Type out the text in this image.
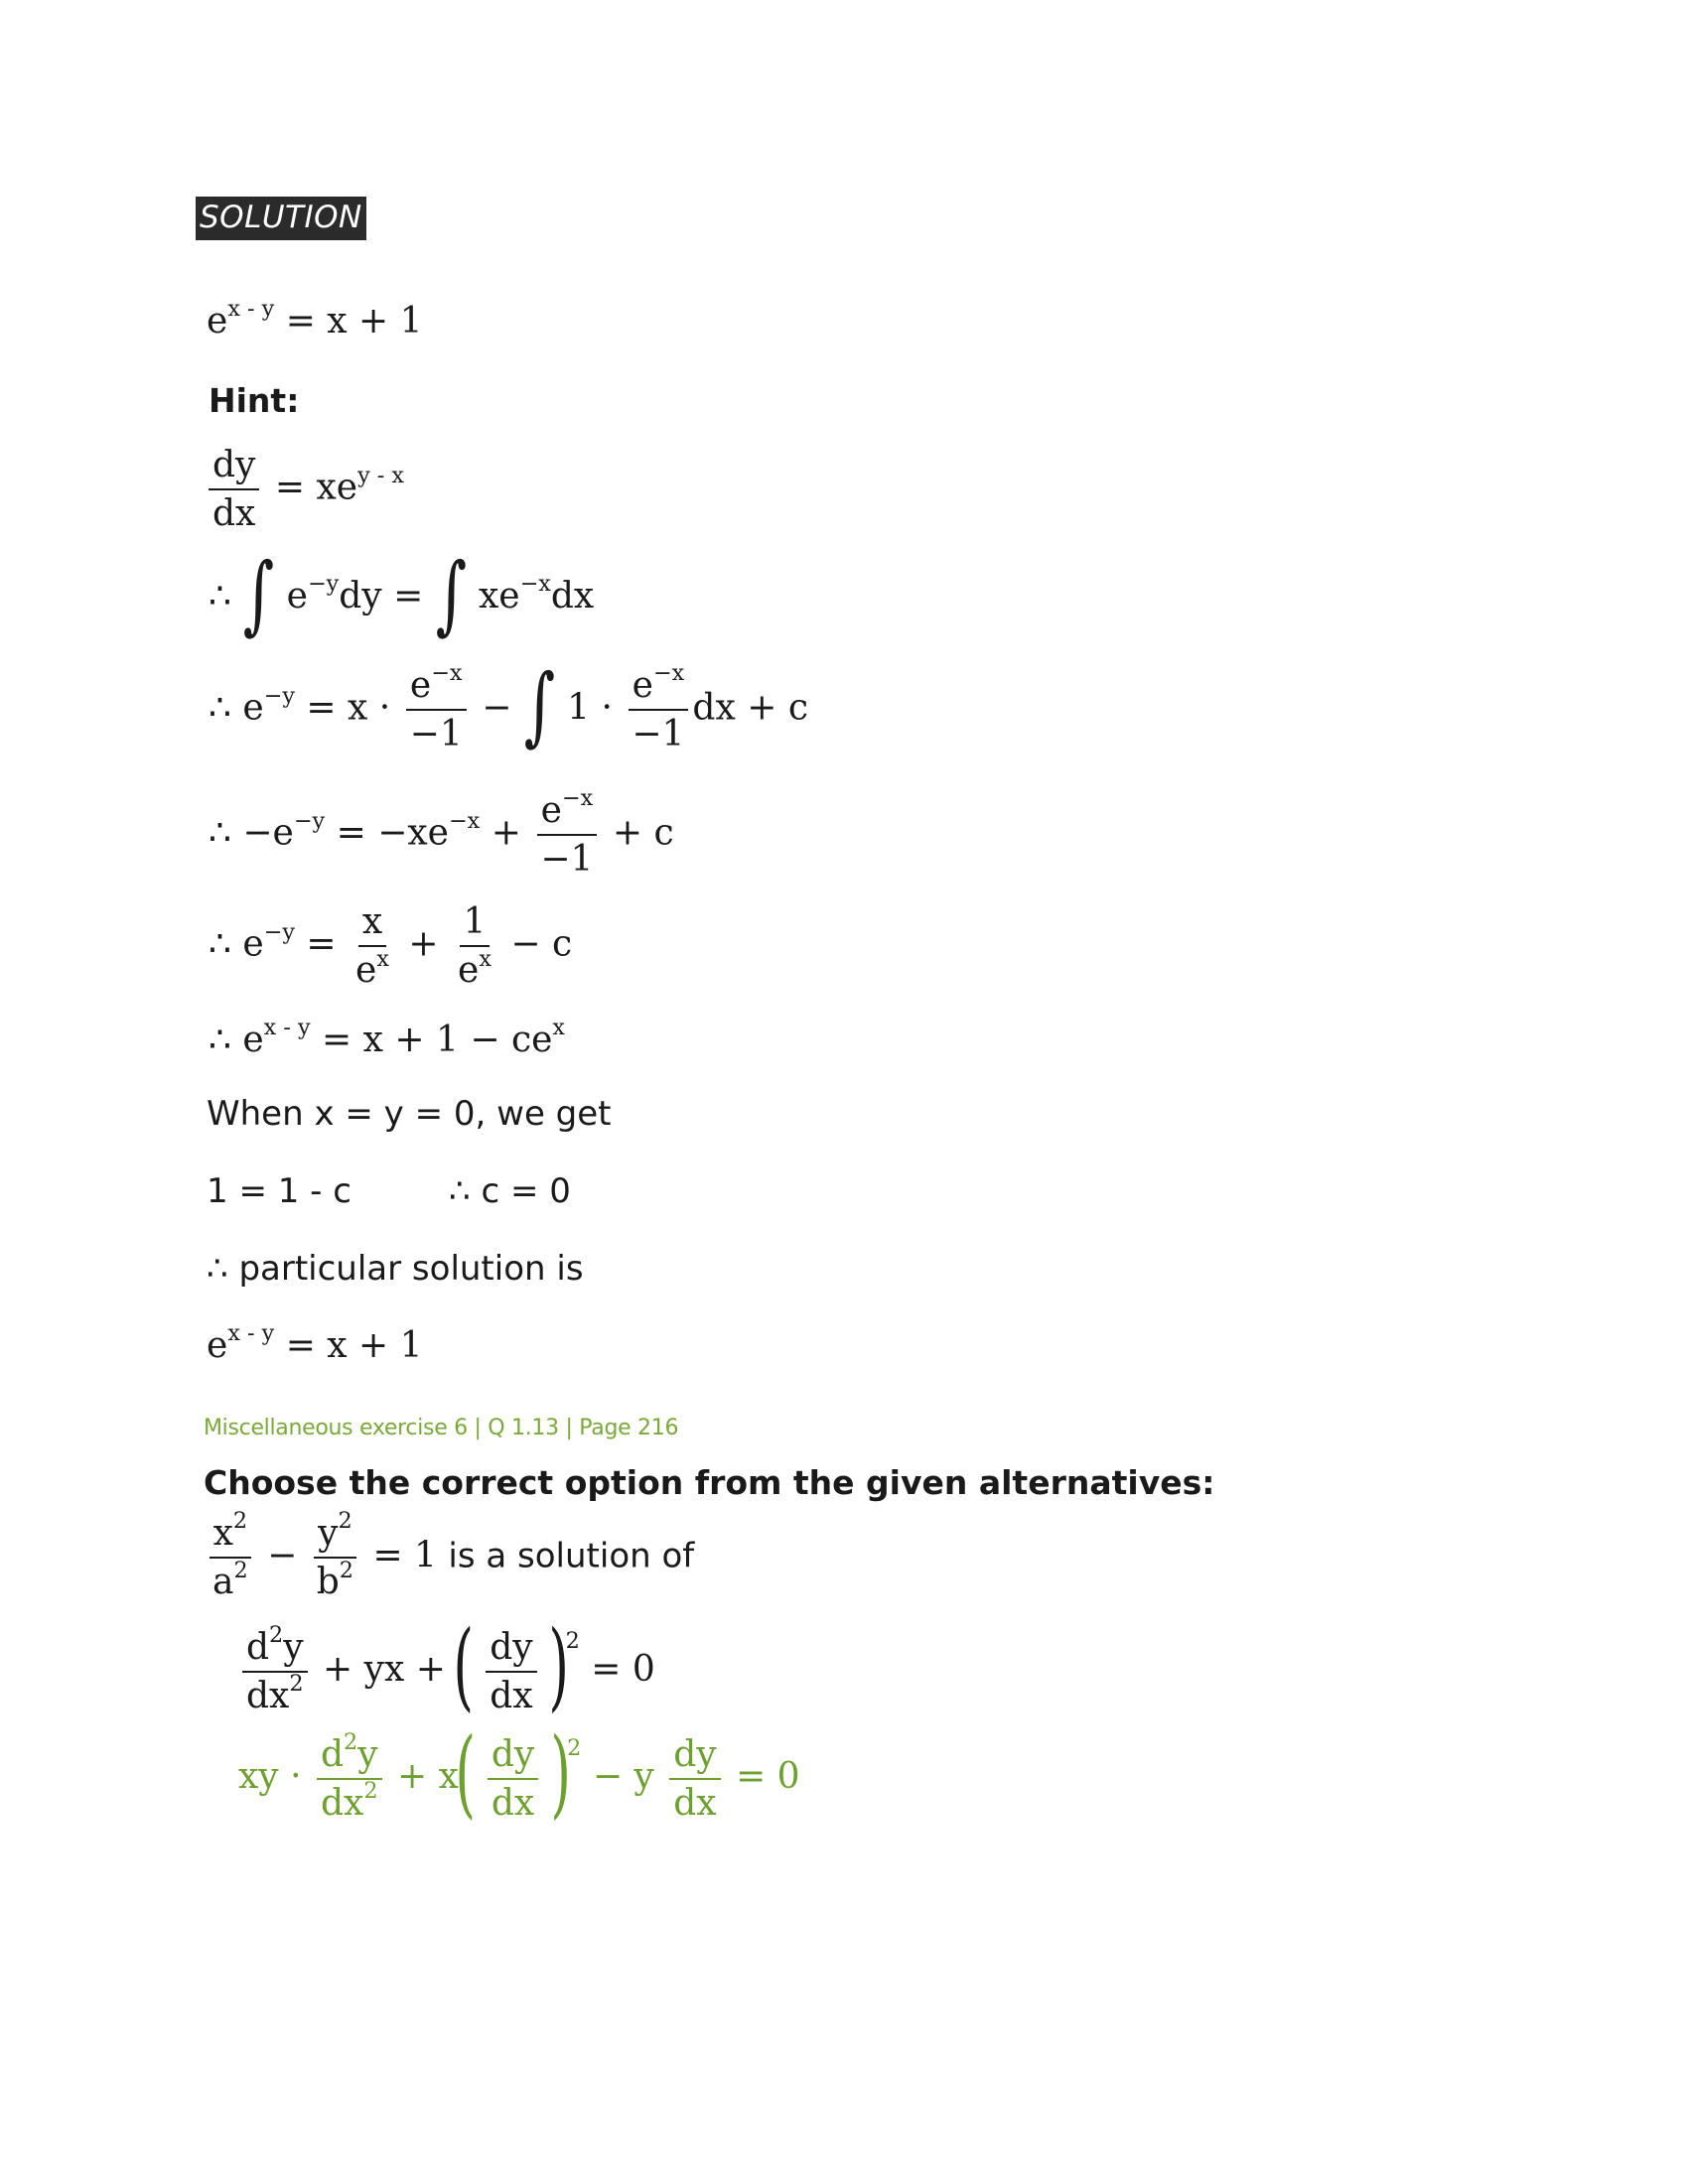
SOLUTION
$e^{x - y} = x + 1$
Hint:
$\frac{dy}{dx} = xe^{y - x}$
∴ ∫ $e^{-y}dy$ = ∫ $xe^{-x}dx$
∴ $e^{-y} = x \cdot \frac{e^{-x}}{-1}$ − ∫ $1 \cdot \frac{e^{-x}}{-1}$ dx + c
∴ $-e^{-y} = -xe^{-x} + \frac{e^{-x}}{-1} + c$
∴ $e^{-y} = \frac{x}{e^x} + \frac{1}{e^x} - c$
∴ $e^{x - y} = x + 1 - ce^x$
When x = y = 0, we get
1 = 1 - c	∴ c = 0
∴ particular solution is
$e^{x - y} = x + 1$
Miscellaneous exercise 6 | Q 1.13 | Page 216
Choose the correct option from the given alternatives:
$\frac{x^2}{a^2} - \frac{y^2}{b^2} = 1$ is a solution of
$\frac{d^2y}{dx^2}$ + yx + ( $\frac{dy}{dx} )^2 = 0$
xy · $\frac{d^2y}{dx^2} + x( \frac{dy}{dx} )^2 - y \frac{dy}{dx} = 0$
